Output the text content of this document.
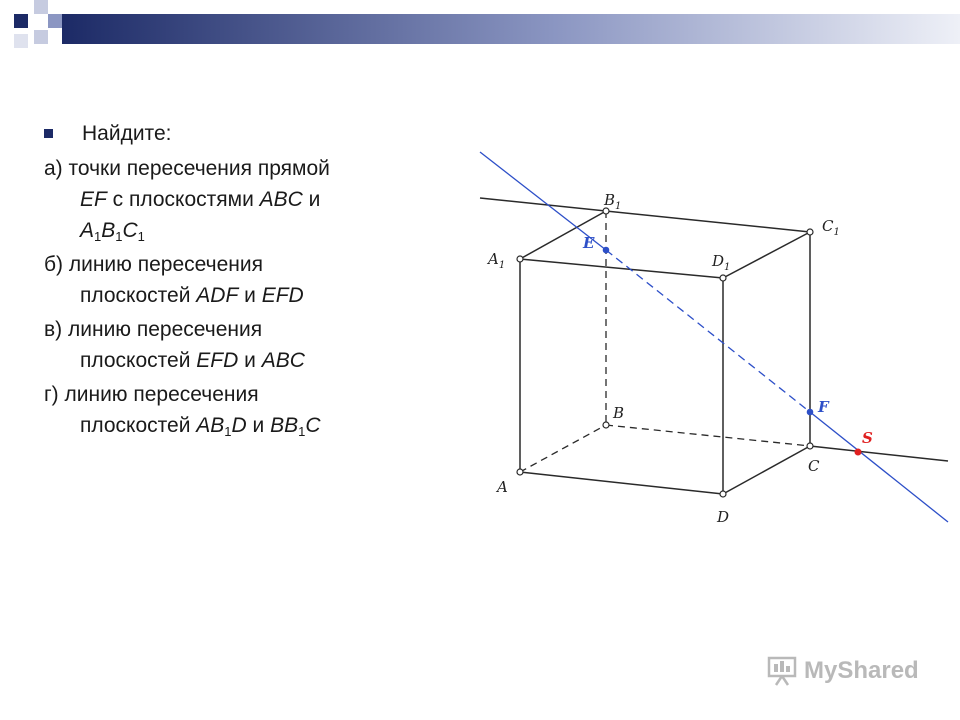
Найдите:
а) точки пересечения прямой
EF с плоскостями ABC и
$A_1B_1C_1$
б) линию пересечения
плоскостей ADF и EFD
в) линию пересечения
плоскостей EFD и ABC
г) линию пересечения
плоскостей $AB_1D$ и $BB_1C$
$A_1$
$B_1$
$C_1$
$D_1$
A
B
C
D
E
F
S
MyShared
